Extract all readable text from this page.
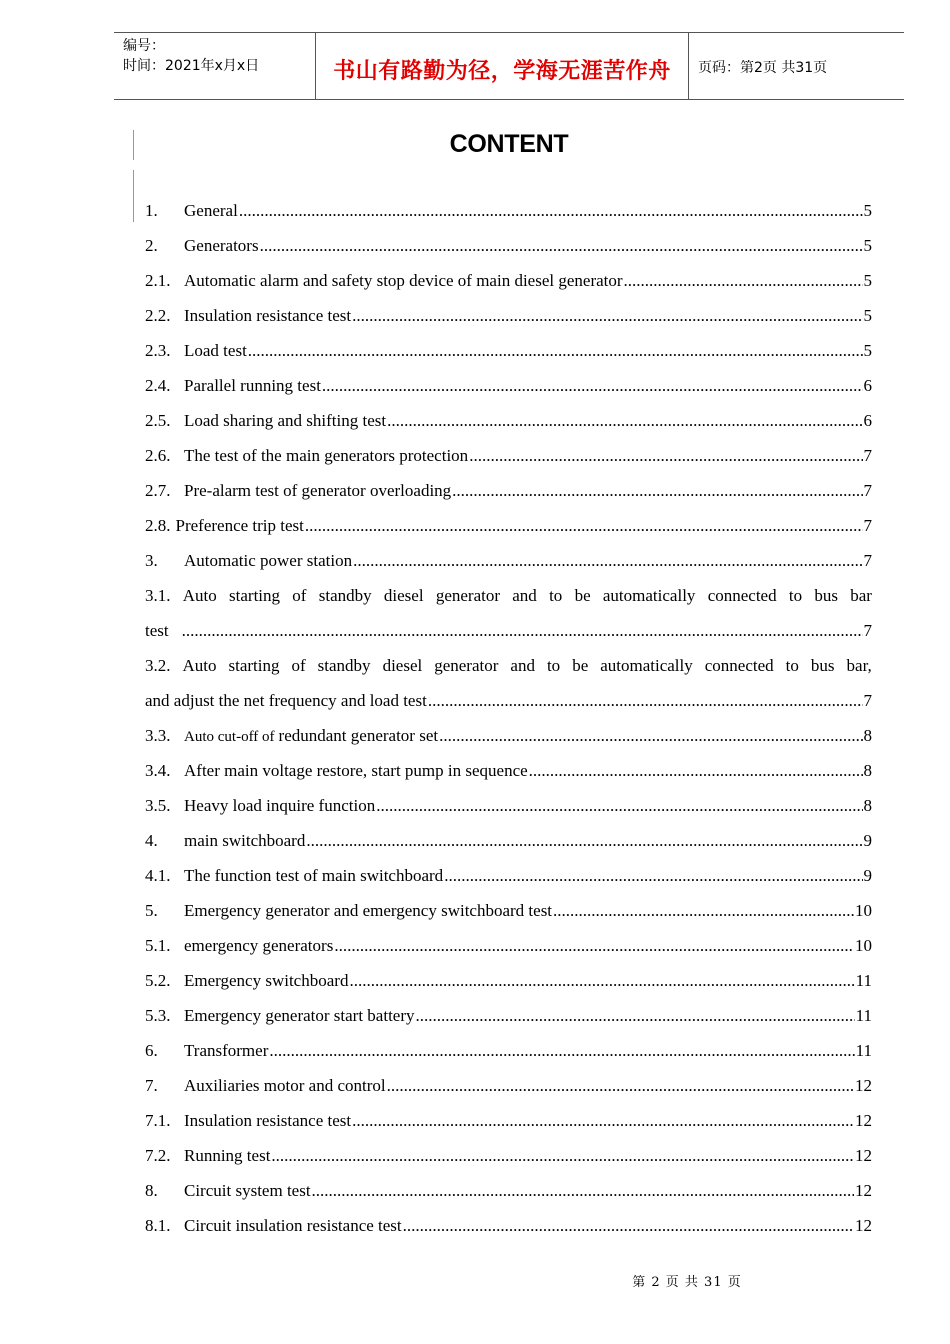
编号：
时间：2021年x月x日	书山有路勤为径，学海无涯苦作舟 页码：第2页 共31页
CONTENT
1.	General .....	5
2.	Generators .....	5
2.1. Automatic alarm and safety stop device of main diesel generator .....	5
2.2. Insulation resistance test .....	5
2.3. Load test .....	5
2.4. Parallel running test .....	6
2.5. Load sharing and shifting test .....	6
2.6. The test of the main generators protection .....	7
2.7. Pre-alarm test of generator overloading .....	7
2.8. Preference trip test .....	7
3.	Automatic power station .....	7
3.1. Auto starting of standby diesel generator and to be automatically connected to bus bar
test .....	7
3.2. Auto starting of standby diesel generator and to be automatically connected to bus bar,
and adjust the net frequency and load test .....	7
3.3. Auto cut-off of redundant generator set .....	8
3.4. After main voltage restore, start pump in sequence .....	8
3.5. Heavy load inquire function .....	8
4.	main switchboard .....	9
4.1. The function test of main switchboard .....	9
5.	Emergency generator and emergency switchboard test .....	10
5.1. emergency generators .....	10
5.2. Emergency switchboard .....	11
5.3. Emergency generator start battery .....	11
6.	Transformer .....	11
7.	Auxiliaries motor and control .....	12
7.1. Insulation resistance test .....	12
7.2. Running test .....	12
8.	Circuit system test .....	12
8.1. Circuit insulation resistance test .....	12
第 2 页 共 31 页
